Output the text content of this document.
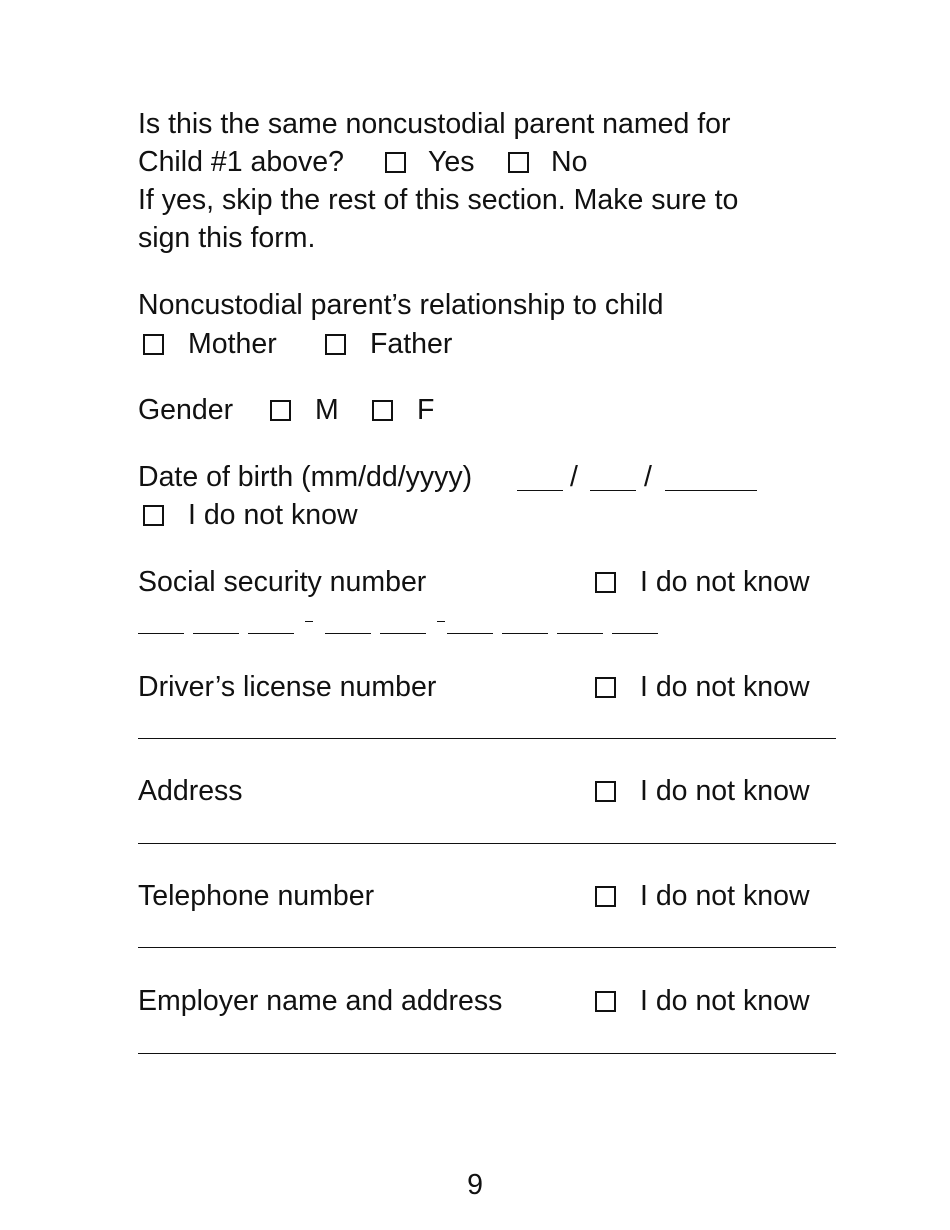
Is this the same noncustodial parent named for
Child #1 above?	Yes	No
If yes, skip the rest of this section. Make sure to
sign this form.
Noncustodial parent’s relationship to child
Mother	Father
Gender	M	F
Date of birth (mm/dd/yyyy)	/ /
I do not know
Social security number	I do not know
Driver’s license number	I do not know
Address	I do not know
Telephone number	I do not know
Employer name and address	I do not know
9
